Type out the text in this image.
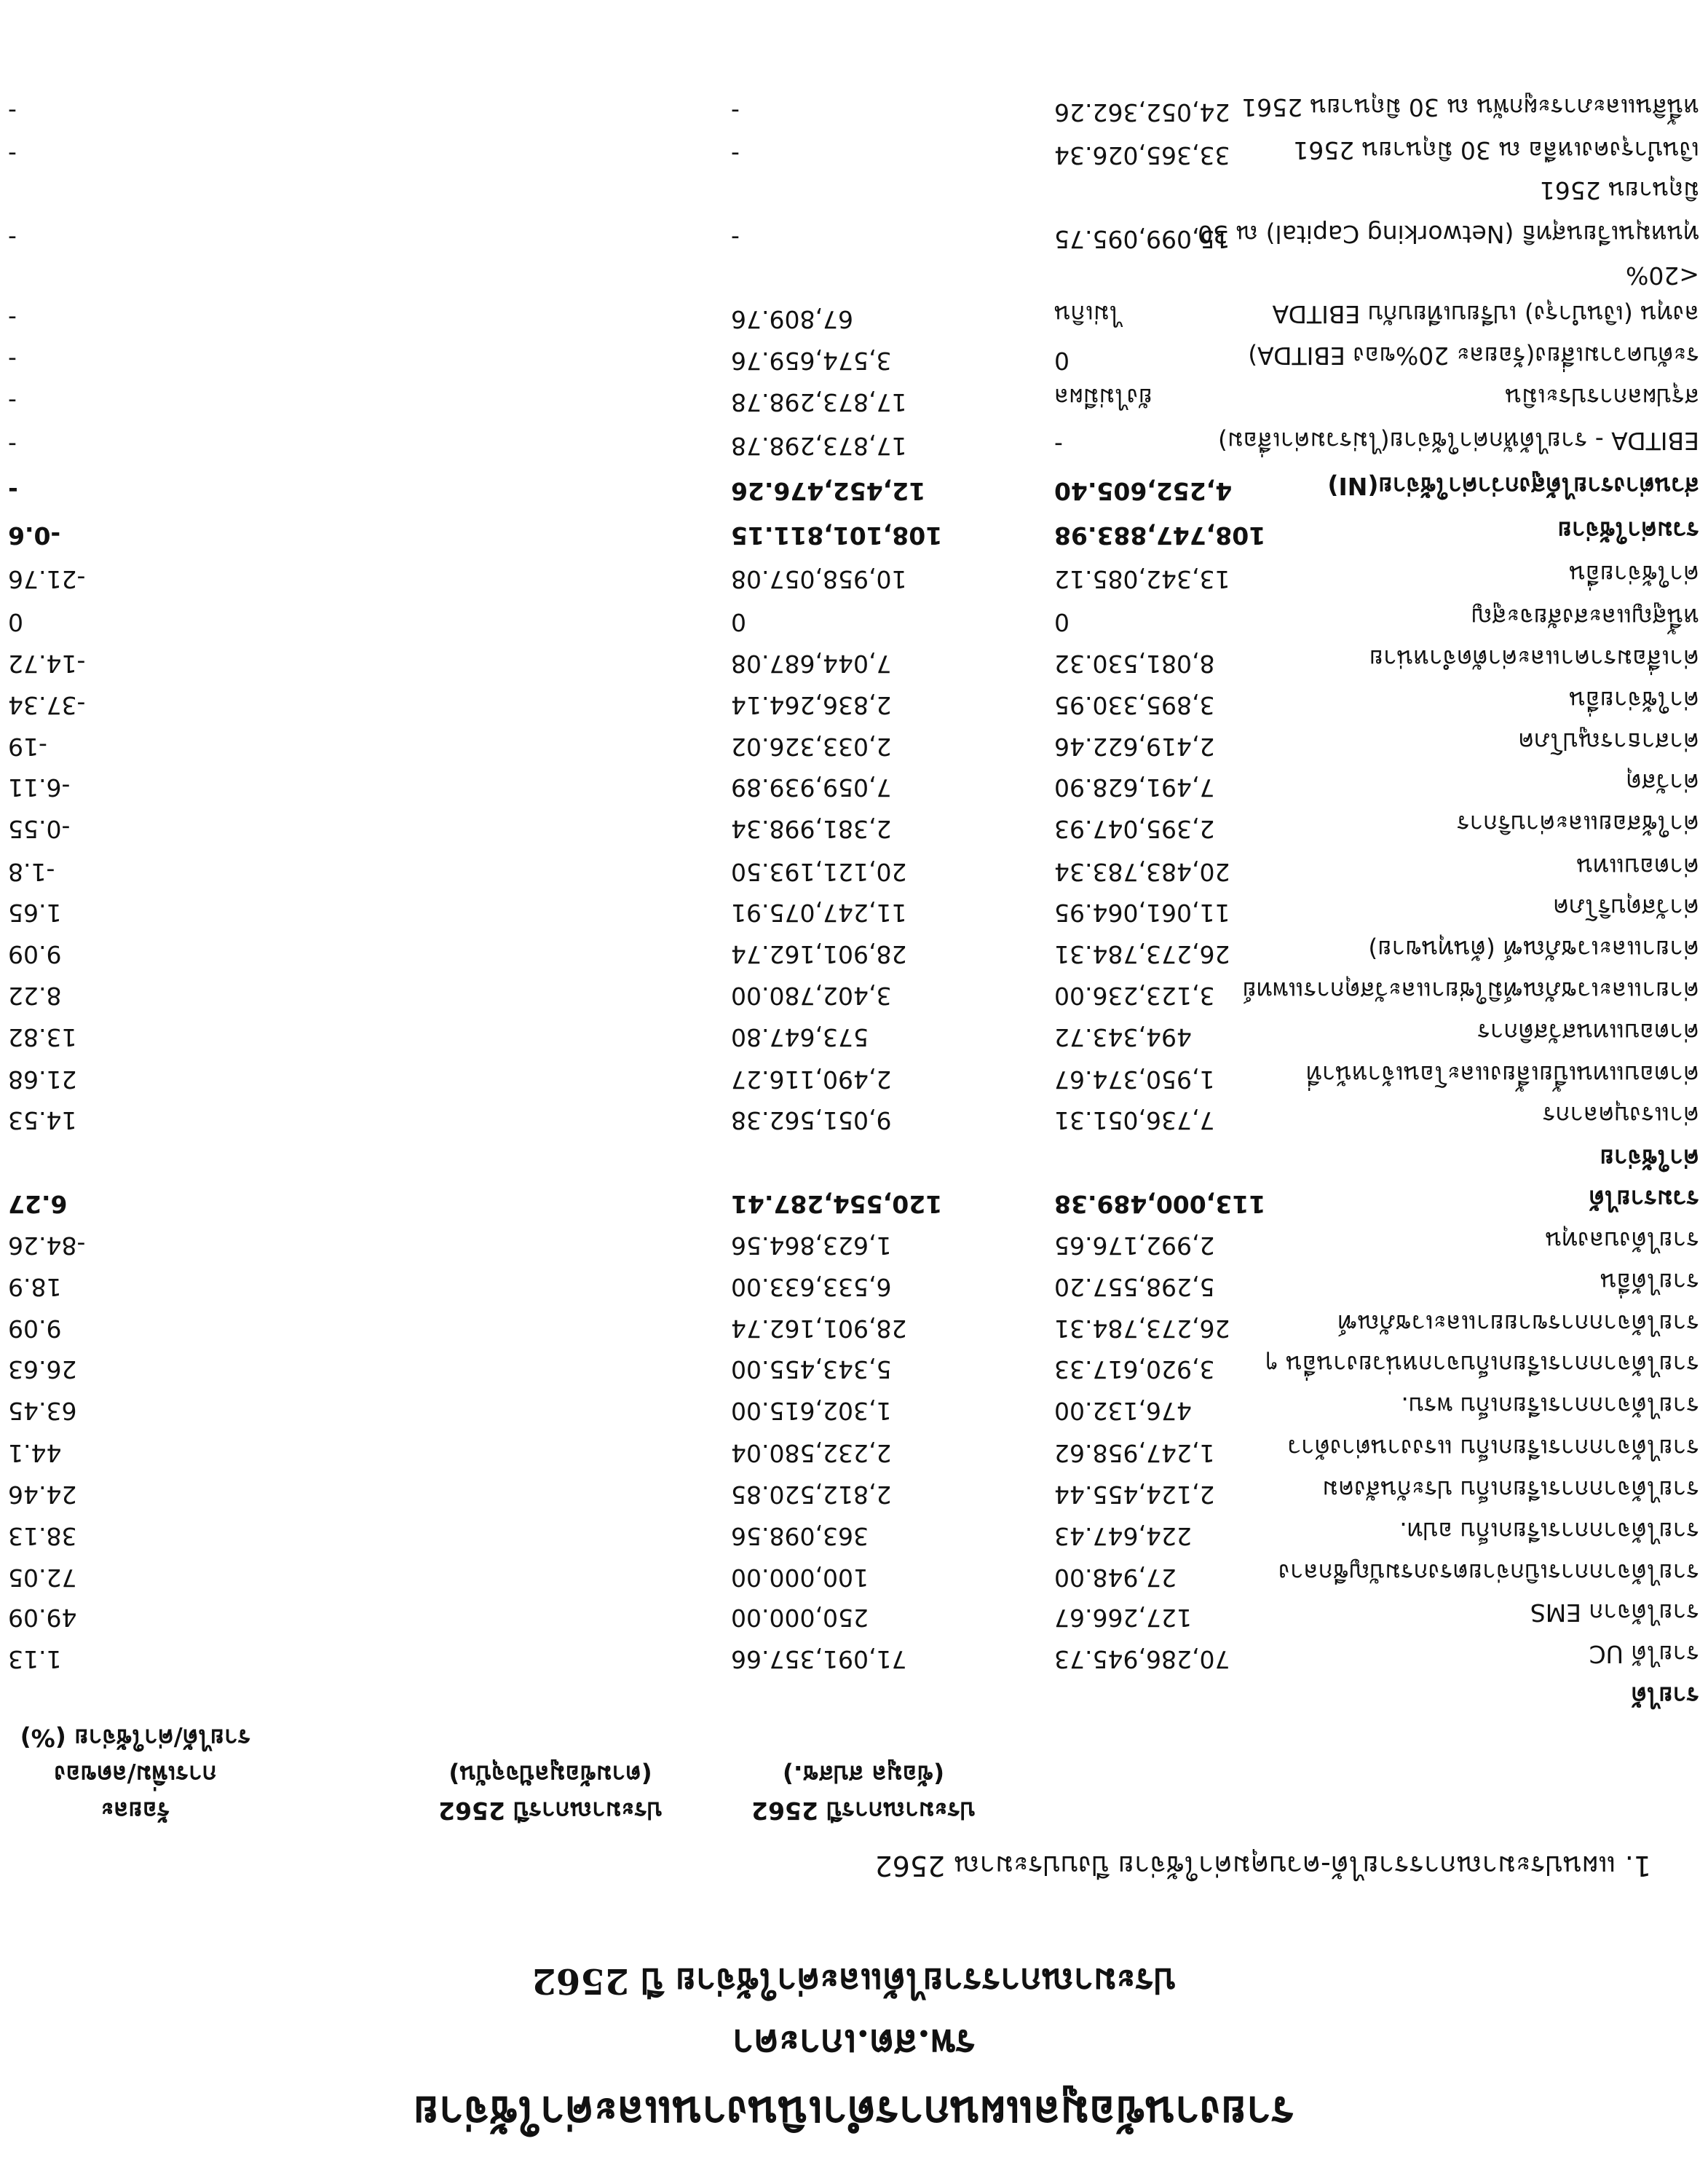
รายงานข้อมูลแผนการดำเนินงานและค่าใช้จ่าย
รพ.สต.เกาะคา
ประมาณการรายได้และค่าใช้จ่าย ปี 2562
1. แผนประมาณการรายได้-ควบคุมค่าใช้จ่าย ปีงบประมาณ 2562
ประมาณการปี 2562
(ข้อมูล สปสช.)
ประมาณการปี 2562
(ตามข้อมูลปัจจุบัน)
ร้อยละ
การเพิ่ม/ลดของ
รายได้/ค่าใช้จ่าย (%)
รายได้
รายได้ UC
70,286,945.73
71,091,357.66
1.13
รายได้จาก EMS
127,266.67
250,000.00
49.09
รายได้จากการเบิกจ่ายตรงกรมบัญชีกลาง
27,948.00
100,000.00
72.05
รายได้จากการเรียกเก็บ อปท.
224,647.43
363,098.56
38.13
รายได้จากการเรียกเก็บ ประกันสังคม
2,124,455.44
2,812,520.85
24.46
รายได้จากการเรียกเก็บ แรงงานต่างด้าว
1,247,958.62
2,232,580.04
44.1
รายได้จากการเรียกเก็บ พรบ.
476,132.00
1,302,615.00
63.45
รายได้จากการเรียกเก็บจากหน่วยงานอื่น ๆ
3,920,617.33
5,343,455.00
26.63
รายได้จากการขายยาและเวชภัณฑ์
26,273,784.31
28,901,162.74
9.09
รายได้อื่น
5,298,557.20
6,533,633.00
18.9
รายได้งบลงทุน
2,992,176.65
1,623,864.56
-84.26
รวมรายได้
113,000,489.38
120,554,287.41
6.27
ค่าใช้จ่าย
ค่าแรงบุคลากร
7,736,051.31
9,051,562.38
14.53
ค่าตอบแทนเบี้ยเลี้ยงและโอนเจ้าหน้าที่
1,950,374.67
2,490,116.27
21.68
ค่าตอบแทนสวัสดิการ
494,343.72
573,647.80
13.82
ค่ายาและเวชภัณฑ์มิใช่ยาและวัสดุการแพทย์
3,123,236.00
3,402,780.00
8.22
ค่ายาและเวชภัณฑ์ (ต้นทุนขาย)
26,273,784.31
28,901,162.74
9.09
ค่าวัสดุบริโภค
11,061,064.95
11,247,075.91
1.65
ค่าตอบแทน
20,483,783.34
20,121,193.50
-1.8
ค่าใช้สอยและค่าบริการ
2,395,047.93
2,381,998.34
-0.55
ค่าวัสดุ
7,491,628.90
7,059,939.89
-6.11
ค่าสาธารณูปโภค
2,419,622.46
2,033,326.02
-19
ค่าใช้จ่ายอื่น
3,895,330.95
2,836,264.14
-37.34
ค่าเสื่อมราคาและค่าตัดจำหน่าย
8,081,530.32
7,044,687.08
-14.72
หนี้สูญและสงสัยจะสูญ
0
0
0
ค่าใช้จ่ายอื่น
13,342,085.12
10,958,057.08
-21.76
รวมค่าใช้จ่าย
108,747,883.98
108,101,811.15
-0.6
ส่วนต่างรายได้สูงกว่าค่าใช้จ่าย(NI)
4,252,605.40
12,452,476.26
-
EBITDA - รายได้หักค่าใช้จ่าย(ไม่รวมค่าเสื่อม)
-
17,873,298.78
-
สรุปผลการประเมิน
ยังไม่มีผล
17,873,298.78
-
ระดับความเสี่ยง(ร้อยละ 20%ของ EBITDA)
0
3,574,659.76
-
ลงทุน (เงินบำรุง) เปรียบเทียบกับ EBITDA
ไม่เกิน
67,809.76
-
<20%
ทุนหมุนเวียนสุทธิ (Networking Capital) ณ 30
15,099,095.75
-
-
มิถุนายน 2561
เงินบำรุงคงเหลือ ณ 30 มิถุนายน 2561
33,365,026.34
-
-
หนี้สินและภาระผูกพัน ณ 30 มิถุนายน 2561
24,052,362.26
-
-
